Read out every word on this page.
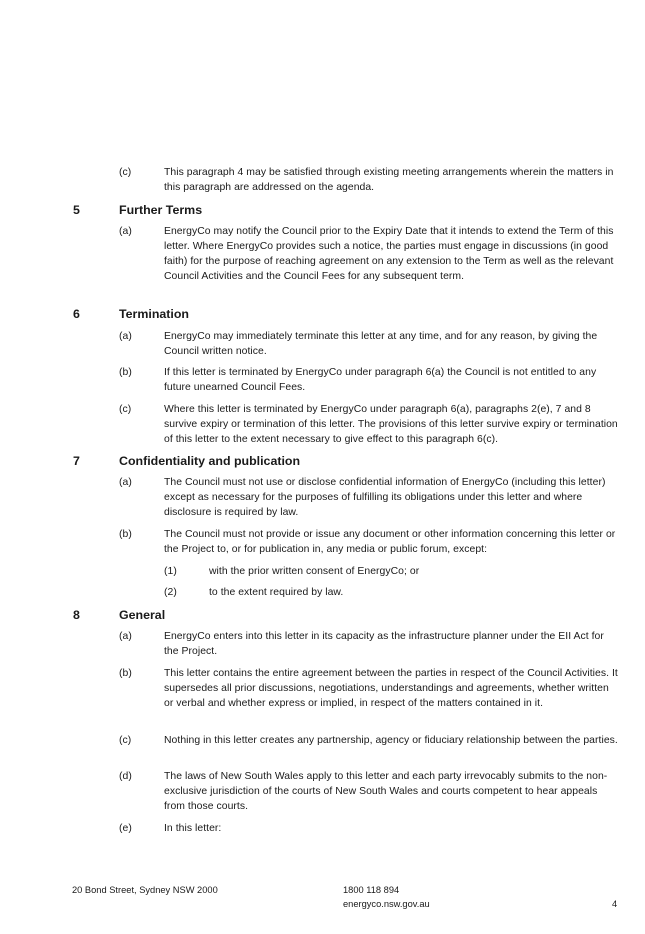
(c)	This paragraph 4 may be satisfied through existing meeting arrangements wherein the matters in this paragraph are addressed on the agenda.
5	Further Terms
(a)	EnergyCo may notify the Council prior to the Expiry Date that it intends to extend the Term of this letter. Where EnergyCo provides such a notice, the parties must engage in discussions (in good faith) for the purpose of reaching agreement on any extension to the Term as well as the relevant Council Activities and the Council Fees for any subsequent term.
6	Termination
(a)	EnergyCo may immediately terminate this letter at any time, and for any reason, by giving the Council written notice.
(b)	If this letter is terminated by EnergyCo under paragraph 6(a) the Council is not entitled to any future unearned Council Fees.
(c)	Where this letter is terminated by EnergyCo under paragraph 6(a), paragraphs 2(e), 7 and 8 survive expiry or termination of this letter. The provisions of this letter survive expiry or termination of this letter to the extent necessary to give effect to this paragraph 6(c).
7	Confidentiality and publication
(a)	The Council must not use or disclose confidential information of EnergyCo (including this letter) except as necessary for the purposes of fulfilling its obligations under this letter and where disclosure is required by law.
(b)	The Council must not provide or issue any document or other information concerning this letter or the Project to, or for publication in, any media or public forum, except:
(1)	with the prior written consent of EnergyCo; or
(2)	to the extent required by law.
8	General
(a)	EnergyCo enters into this letter in its capacity as the infrastructure planner under the EII Act for the Project.
(b)	This letter contains the entire agreement between the parties in respect of the Council Activities. It supersedes all prior discussions, negotiations, understandings and agreements, whether written or verbal and whether express or implied, in respect of the matters contained in it.
(c)	Nothing in this letter creates any partnership, agency or fiduciary relationship between the parties.
(d)	The laws of New South Wales apply to this letter and each party irrevocably submits to the non-exclusive jurisdiction of the courts of New South Wales and courts competent to hear appeals from those courts.
(e)	In this letter:
20 Bond Street, Sydney NSW 2000	1800 118 894
energyco.nsw.gov.au	4
